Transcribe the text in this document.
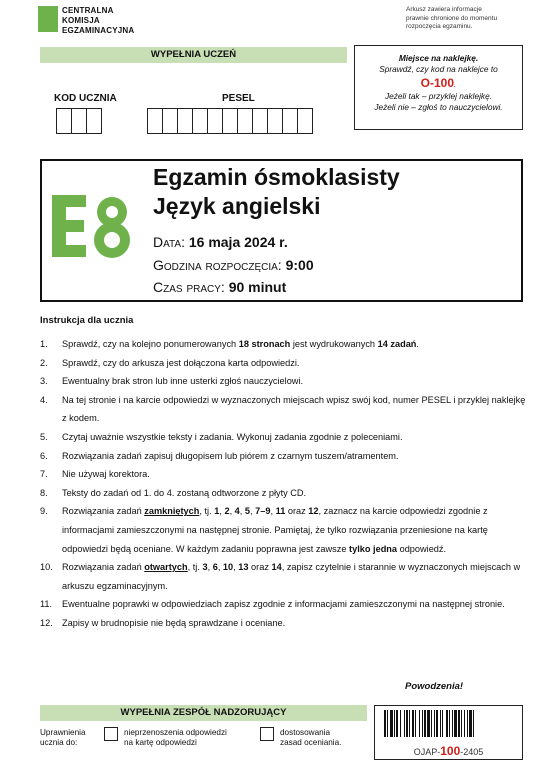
CENTRALNA
KOMISJA
EGZAMINACYJNA
Arkusz zawiera informacje
prawnie chronione do momentu
rozpoczęcia egzaminu.
WYPEŁNIA UCZEŃ
KOD UCZNIA	PESEL
Miejsce na naklejkę.
Sprawdź, czy kod na naklejce to
O-100.
Jeżeli tak – przyklej naklejkę.
Jeżeli nie – zgłoś to nauczycielowi.
Egzamin ósmoklasisty
Język angielski
Data: 16 maja 2024 r.
Godzina rozpoczęcia: 9:00
Czas pracy: 90 minut
Instrukcja dla ucznia
1.	Sprawdź, czy na kolejno ponumerowanych 18 stronach jest wydrukowanych 14 zadań.
2.	Sprawdź, czy do arkusza jest dołączona karta odpowiedzi.
3.	Ewentualny brak stron lub inne usterki zgłoś nauczycielowi.
4.	Na tej stronie i na karcie odpowiedzi w wyznaczonych miejscach wpisz swój kod, numer PESEL i przyklej naklejkę z kodem.
5.	Czytaj uważnie wszystkie teksty i zadania. Wykonuj zadania zgodnie z poleceniami.
6.	Rozwiązania zadań zapisuj długopisem lub piórem z czarnym tuszem/atramentem.
7.	Nie używaj korektora.
8.	Teksty do zadań od 1. do 4. zostaną odtworzone z płyty CD.
9.	Rozwiązania zadań zamkniętych, tj. 1, 2, 4, 5, 7–9, 11 oraz 12, zaznacz na karcie odpowiedzi zgodnie z informacjami zamieszczonymi na następnej stronie. Pamiętaj, że tylko rozwiązania przeniesione na kartę odpowiedzi będą oceniane. W każdym zadaniu poprawna jest zawsze tylko jedna odpowiedź.
10.	Rozwiązania zadań otwartych, tj. 3, 6, 10, 13 oraz 14, zapisz czytelnie i starannie w wyznaczonych miejscach w arkuszu egzaminacyjnym.
11.	Ewentualne poprawki w odpowiedziach zapisz zgodnie z informacjami zamieszczonymi na następnej stronie.
12.	Zapisy w brudnopisie nie będą sprawdzane i oceniane.
Powodzenia!
WYPEŁNIA ZESPÓŁ NADZORUJĄCY
Uprawnienia
ucznia do:
nieprzenoszenia odpowiedzi
na kartę odpowiedzi
dostosowania
zasad oceniania.
OJAP-100-2405
